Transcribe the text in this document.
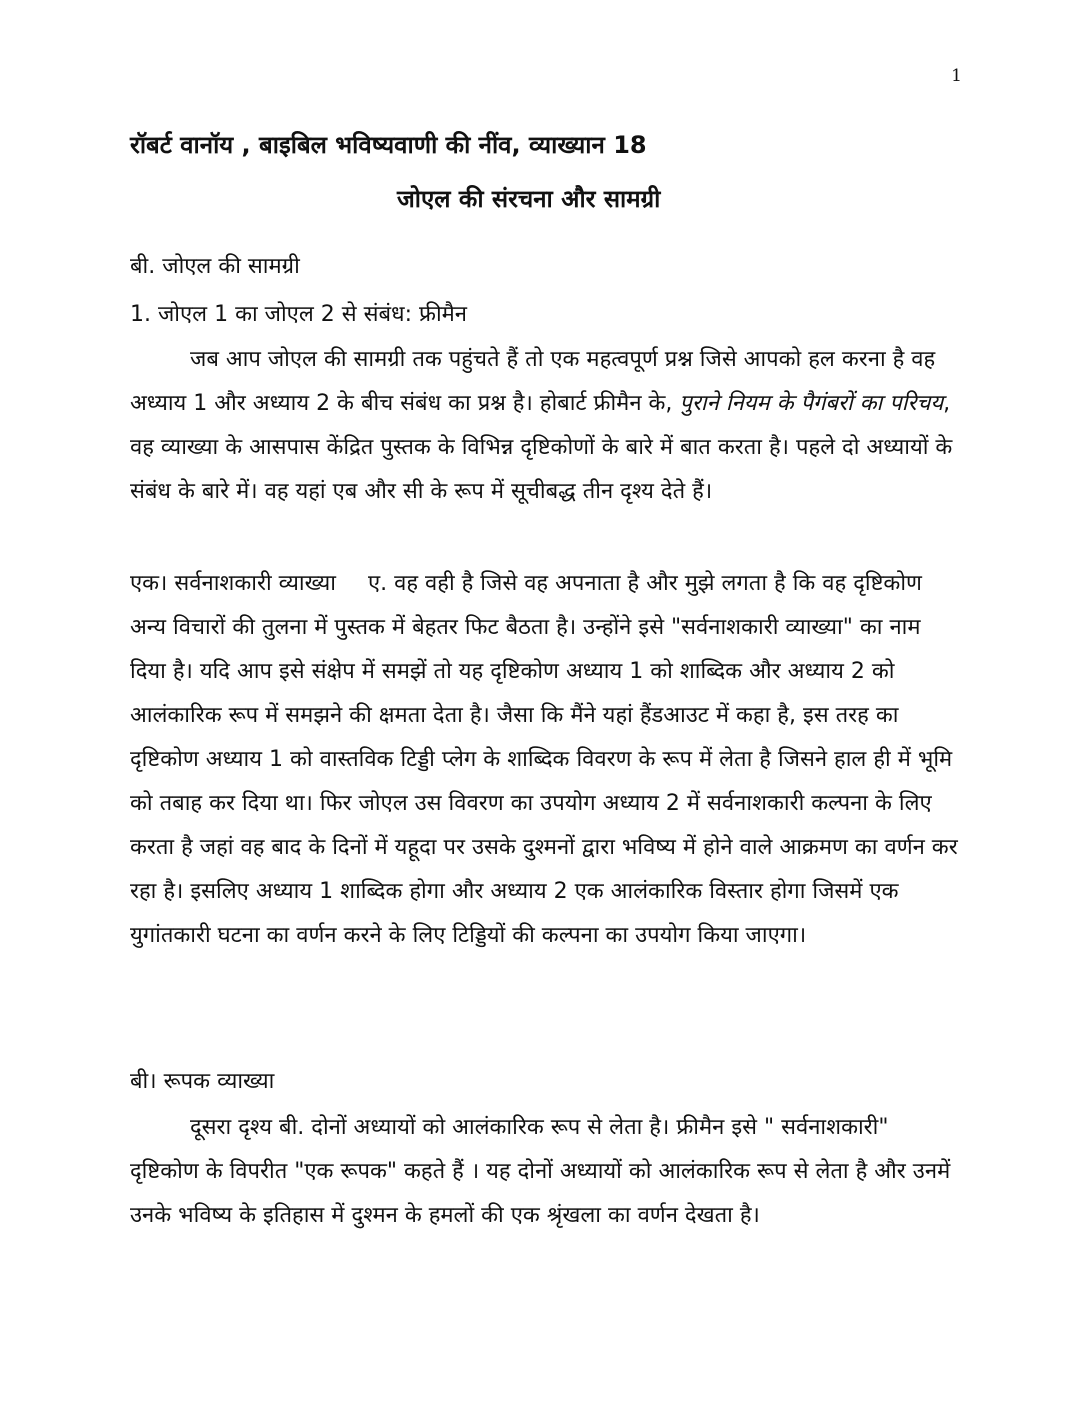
1
रॉबर्ट वानॉय , बाइबिल भविष्यवाणी की नींव, व्याख्यान 18
जोएल की संरचना और सामग्री
बी. जोएल की सामग्री
1. जोएल 1 का जोएल 2 से संबंध: फ्रीमैन

जब आप जोएल की सामग्री तक पहुंचते हैं तो एक महत्वपूर्ण प्रश्न जिसे आपको हल करना है वह अध्याय 1 और अध्याय 2 के बीच संबंध का प्रश्न है। होबार्ट फ्रीमैन के, पुराने नियम के पैगंबरों का परिचय, वह व्याख्या के आसपास केंद्रित पुस्तक के विभिन्न दृष्टिकोणों के बारे में बात करता है। पहले दो अध्यायों के संबंध के बारे में। वह यहां एब और सी के रूप में सूचीबद्ध तीन दृश्य देते हैं।

एक। सर्वनाशकारी व्याख्या ए. वह वही है जिसे वह अपनाता है और मुझे लगता है कि वह दृष्टिकोण अन्य विचारों की तुलना में पुस्तक में बेहतर फिट बैठता है। उन्होंने इसे "सर्वनाशकारी व्याख्या" का नाम दिया है। यदि आप इसे संक्षेप में समझें तो यह दृष्टिकोण अध्याय 1 को शाब्दिक और अध्याय 2 को आलंकारिक रूप में समझने की क्षमता देता है। जैसा कि मैंने यहां हैंडआउट में कहा है, इस तरह का दृष्टिकोण अध्याय 1 को वास्तविक टिड्डी प्लेग के शाब्दिक विवरण के रूप में लेता है जिसने हाल ही में भूमि को तबाह कर दिया था। फिर जोएल उस विवरण का उपयोग अध्याय 2 में सर्वनाशकारी कल्पना के लिए करता है जहां वह बाद के दिनों में यहूदा पर उसके दुश्मनों द्वारा भविष्य में होने वाले आक्रमण का वर्णन कर रहा है। इसलिए अध्याय 1 शाब्दिक होगा और अध्याय 2 एक आलंकारिक विस्तार होगा जिसमें एक युगांतकारी घटना का वर्णन करने के लिए टिड्डियों की कल्पना का उपयोग किया जाएगा।

बी। रूपक व्याख्या

दूसरा दृश्य बी. दोनों अध्यायों को आलंकारिक रूप से लेता है। फ्रीमैन इसे " सर्वनाशकारी" दृष्टिकोण के विपरीत "एक रूपक" कहते हैं । यह दोनों अध्यायों को आलंकारिक रूप से लेता है और उनमें उनके भविष्य के इतिहास में दुश्मन के हमलों की एक श्रृंखला का वर्णन देखता है।
